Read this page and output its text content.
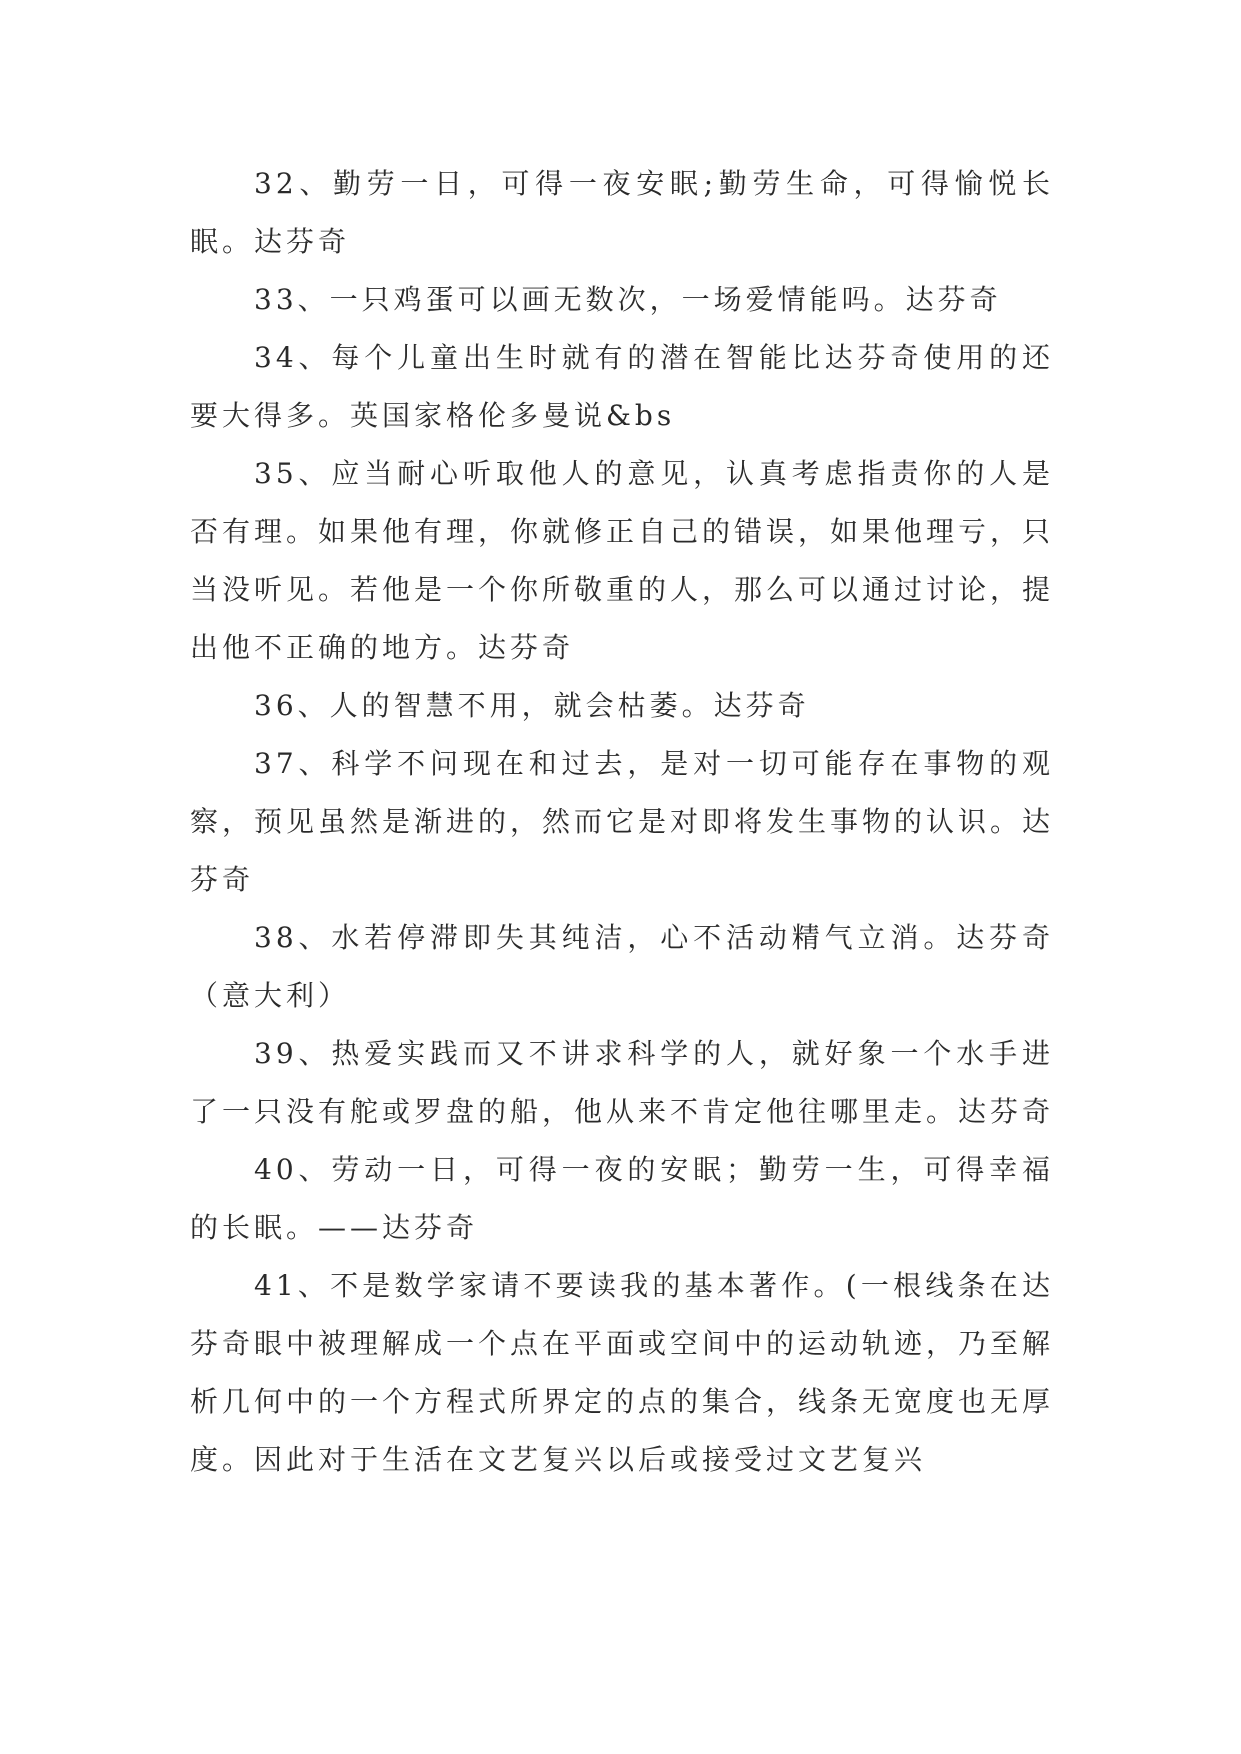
32、勤劳一日，可得一夜安眠;勤劳生命，可得愉悦长眠。达芬奇

33、一只鸡蛋可以画无数次，一场爱情能吗。达芬奇

34、每个儿童出生时就有的潜在智能比达芬奇使用的还要大得多。英国家格伦多曼说&bs

35、应当耐心听取他人的意见，认真考虑指责你的人是否有理。如果他有理，你就修正自己的错误，如果他理亏，只当没听见。若他是一个你所敬重的人，那么可以通过讨论，提出他不正确的地方。达芬奇

36、人的智慧不用，就会枯萎。达芬奇

37、科学不问现在和过去，是对一切可能存在事物的观察，预见虽然是渐进的，然而它是对即将发生事物的认识。达芬奇

38、水若停滞即失其纯洁，心不活动精气立消。达芬奇（意大利）

39、热爱实践而又不讲求科学的人，就好象一个水手进了一只没有舵或罗盘的船，他从来不肯定他往哪里走。达芬奇

40、劳动一日，可得一夜的安眠；勤劳一生，可得幸福的长眠。——达芬奇

41、不是数学家请不要读我的基本著作。(一根线条在达芬奇眼中被理解成一个点在平面或空间中的运动轨迹，乃至解析几何中的一个方程式所界定的点的集合，线条无宽度也无厚度。因此对于生活在文艺复兴以后或接受过文艺复兴
